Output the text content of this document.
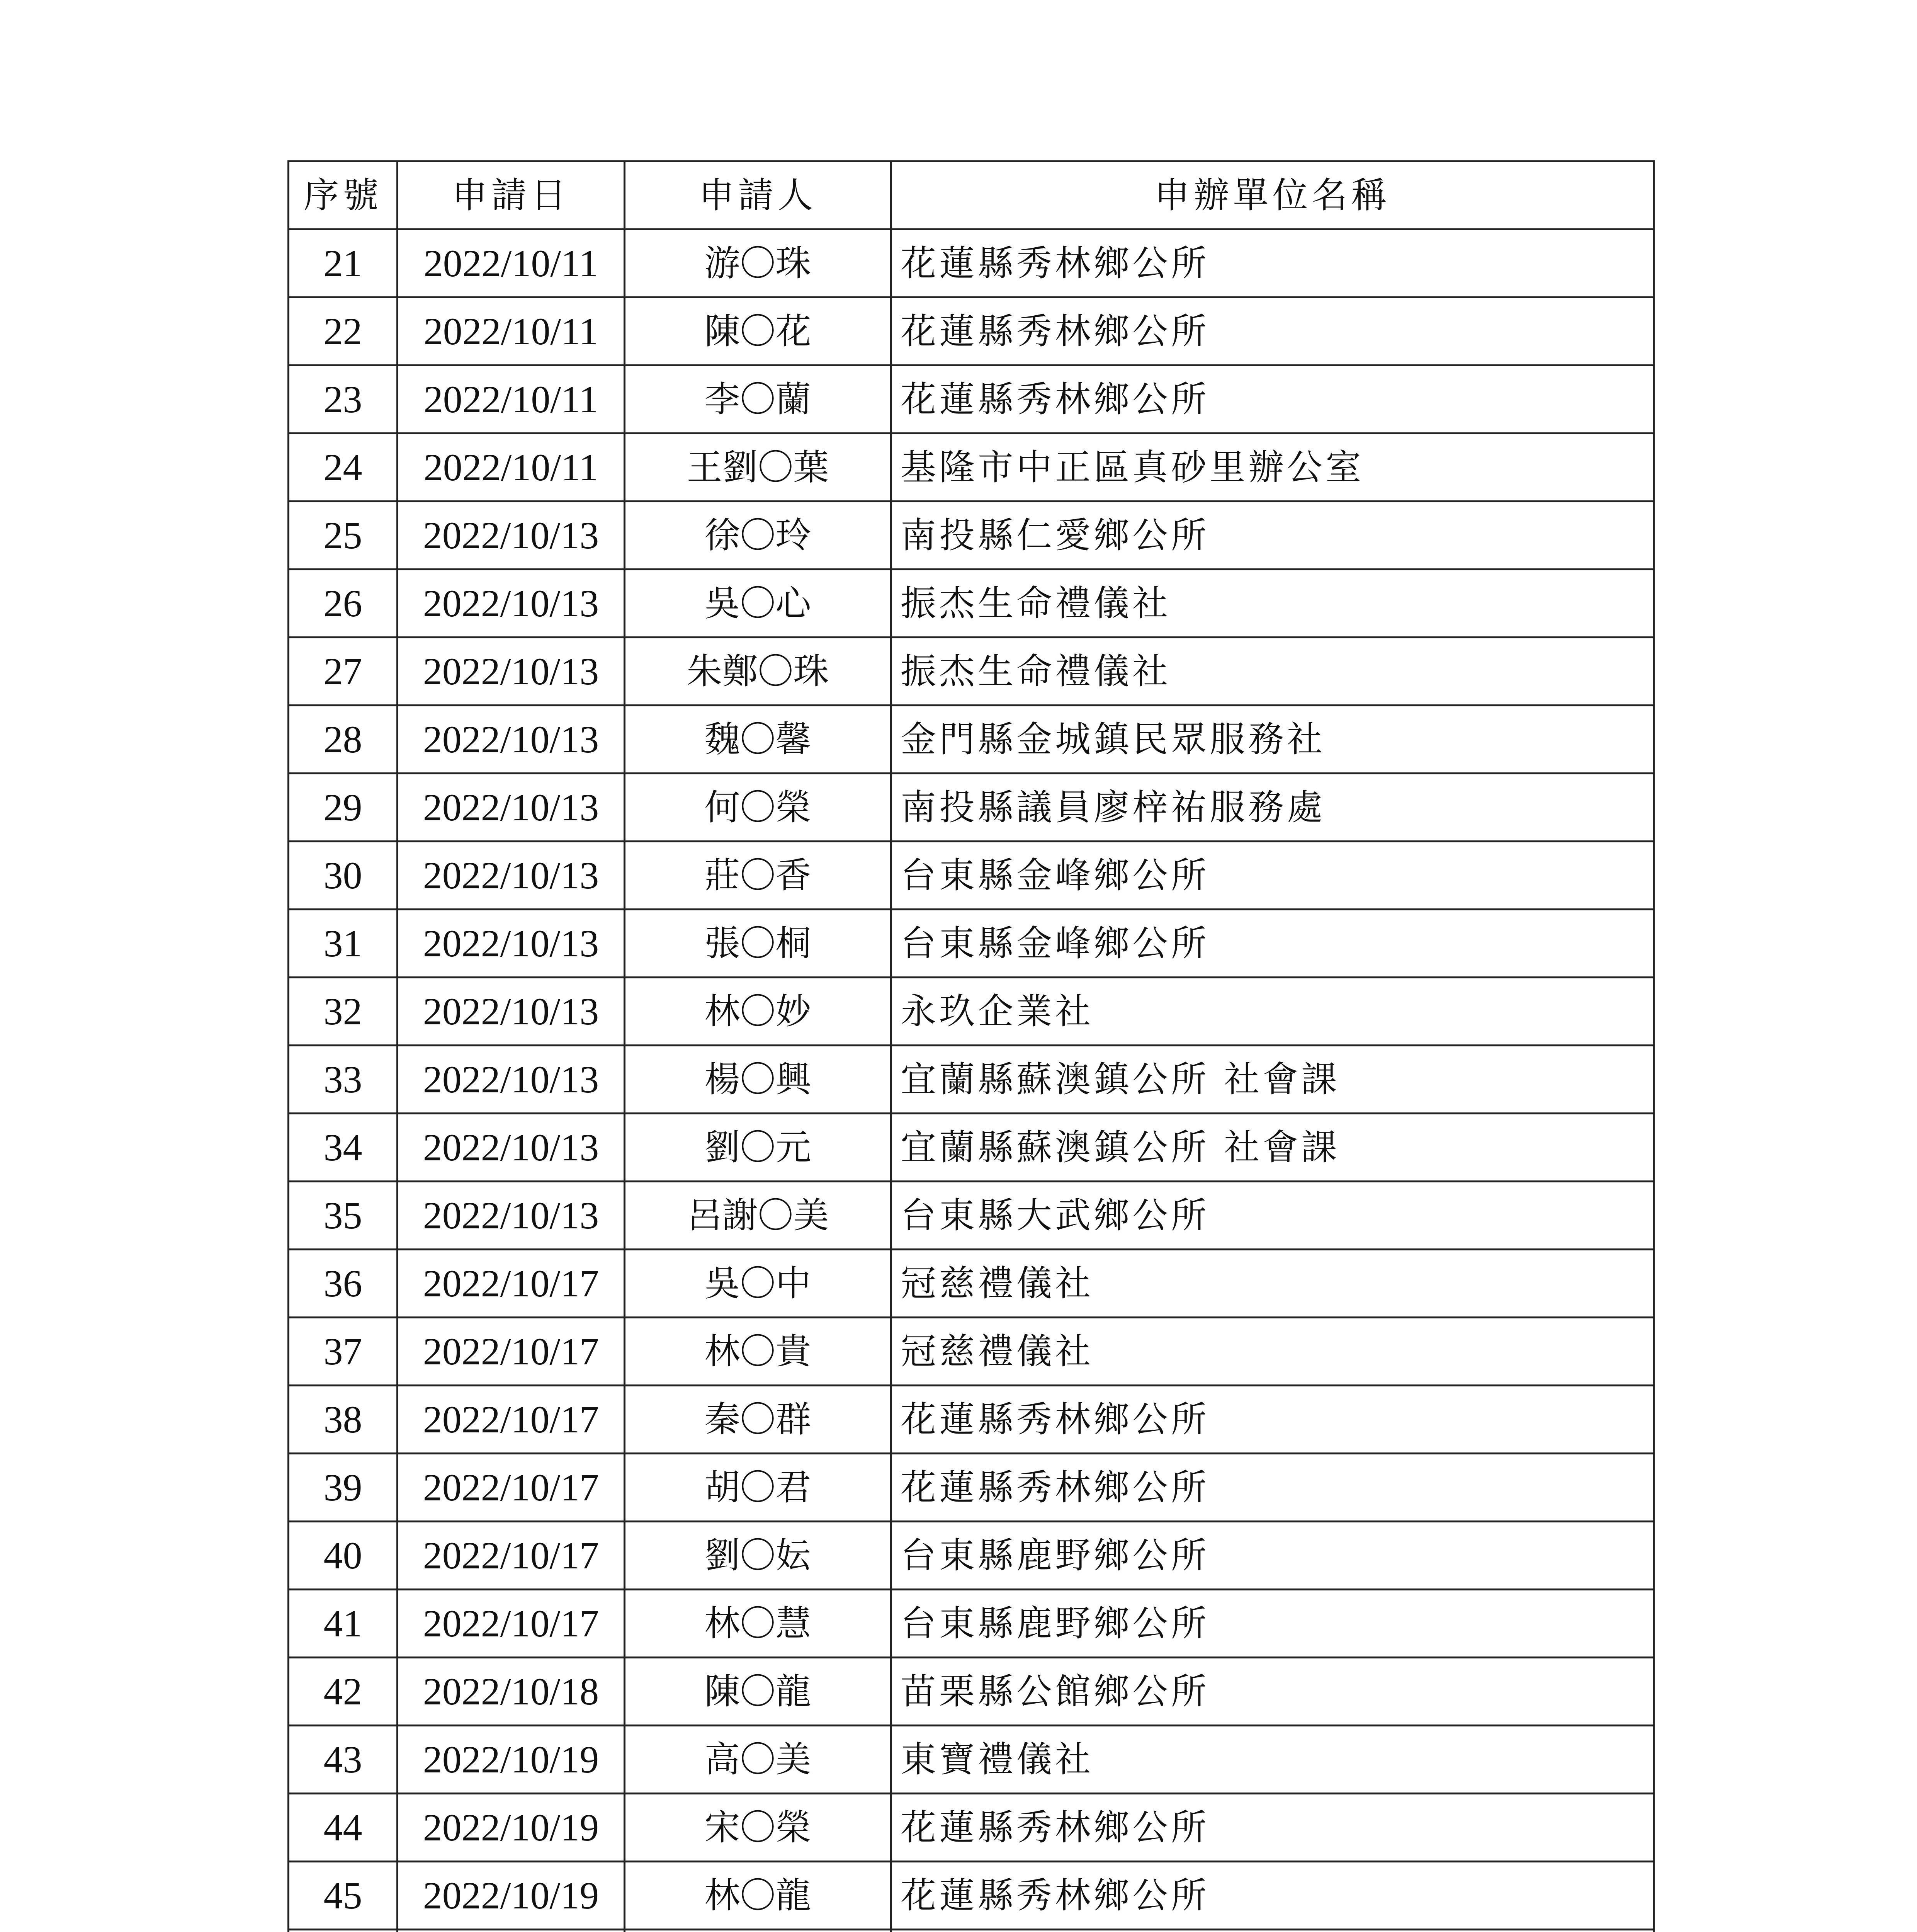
序號	申請日	申請人	申辦單位名稱
21	2022/10/11	游〇珠	花蓮縣秀林鄉公所
22	2022/10/11	陳〇花	花蓮縣秀林鄉公所
23	2022/10/11	李〇蘭	花蓮縣秀林鄉公所
24	2022/10/11	王劉〇葉	基隆市中正區真砂里辦公室
25	2022/10/13	徐〇玲	南投縣仁愛鄉公所
26	2022/10/13	吳〇心	振杰生命禮儀社
27	2022/10/13	朱鄭〇珠	振杰生命禮儀社
28	2022/10/13	魏〇馨	金門縣金城鎮民眾服務社
29	2022/10/13	何〇榮	南投縣議員廖梓祐服務處
30	2022/10/13	莊〇香	台東縣金峰鄉公所
31	2022/10/13	張〇桐	台東縣金峰鄉公所
32	2022/10/13	林〇妙	永玖企業社
33	2022/10/13	楊〇興	宜蘭縣蘇澳鎮公所 社會課
34	2022/10/13	劉〇元	宜蘭縣蘇澳鎮公所 社會課
35	2022/10/13	呂謝〇美	台東縣大武鄉公所
36	2022/10/17	吳〇中	冠慈禮儀社
37	2022/10/17	林〇貴	冠慈禮儀社
38	2022/10/17	秦〇群	花蓮縣秀林鄉公所
39	2022/10/17	胡〇君	花蓮縣秀林鄉公所
40	2022/10/17	劉〇妘	台東縣鹿野鄉公所
41	2022/10/17	林〇慧	台東縣鹿野鄉公所
42	2022/10/18	陳〇龍	苗栗縣公館鄉公所
43	2022/10/19	高〇美	東寶禮儀社
44	2022/10/19	宋〇榮	花蓮縣秀林鄉公所
45	2022/10/19	林〇龍	花蓮縣秀林鄉公所
